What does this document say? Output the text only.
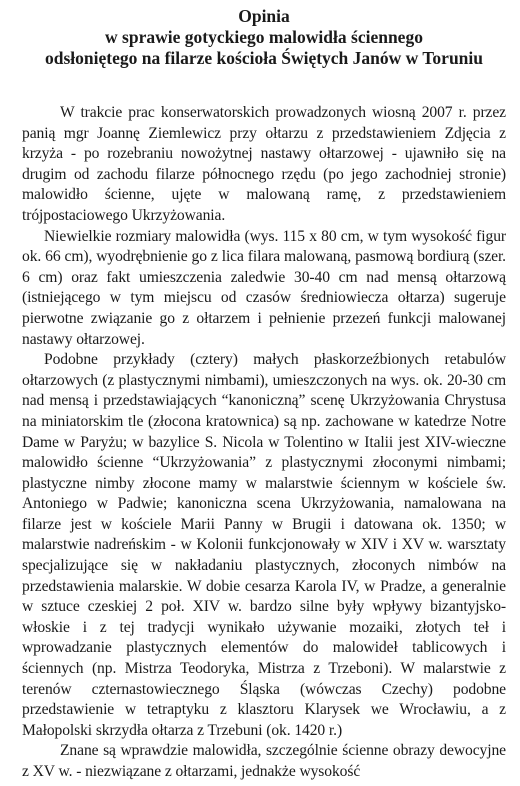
Opinia
w sprawie gotyckiego malowidła ściennego
odsłoniętego na filarze kościoła Świętych Janów w Toruniu

W trakcie prac konserwatorskich prowadzonych wiosną 2007 r. przez panią mgr Joannę Ziemlewicz przy ołtarzu z przedstawieniem Zdjęcia z krzyża - po rozebraniu nowożytnej nastawy ołtarzowej - ujawniło się na drugim od zachodu filarze północnego rzędu (po jego zachodniej stronie) malowidło ścienne, ujęte w malowaną ramę, z przedstawieniem trójpostaciowego Ukrzyżowania.

Niewielkie rozmiary malowidła (wys. 115 x 80 cm, w tym wysokość figur ok. 66 cm), wyodrębnienie go z lica filara malowaną, pasmową bordiurą (szer. 6 cm) oraz fakt umieszczenia zaledwie 30-40 cm nad mensą ołtarzową (istniejącego w tym miejscu od czasów średniowiecza ołtarza) sugeruje pierwotne związanie go z ołtarzem i pełnienie przezeń funkcji malowanej nastawy ołtarzowej.

Podobne przykłady (cztery) małych płaskorzeźbionych retabulów ołtarzowych (z plastycznymi nimbami), umieszczonych na wys. ok. 20-30 cm nad mensą i przedstawiających “kanoniczną” scenę Ukrzyżowania Chrystusa na miniatorskim tle (złocona kratownica) są np. zachowane w katedrze Notre Dame w Paryżu; w bazylice S. Nicola w Tolentino w Italii jest XIV-wieczne malowidło ścienne “Ukrzyżowania” z plastycznymi złoconymi nimbami; plastyczne nimby złocone mamy w malarstwie ściennym w kościele św. Antoniego w Padwie; kanoniczna scena Ukrzyżowania, namalowana na filarze jest w kościele Marii Panny w Brugii i datowana ok. 1350; w malarstwie nadreńskim - w Kolonii funkcjonowały w XIV i XV w. warsztaty specjalizujące się w nakładaniu plastycznych, złoconych nimbów na przedstawienia malarskie. W dobie cesarza Karola IV, w Pradze, a generalnie w sztuce czeskiej 2 poł. XIV w. bardzo silne były wpływy bizantyjsko-włoskie i z tej tradycji wynikało używanie mozaiki, złotych teł i wprowadzanie plastycznych elementów do malowideł tablicowych i ściennych (np. Mistrza Teodoryka, Mistrza z Trzeboni). W malarstwie z terenów czternastowiecznego Śląska (wówczas Czechy) podobne przedstawienie w tetraptyku z klasztoru Klarysek we Wrocławiu, a z Małopolski skrzydła ołtarza z Trzebuni (ok. 1420 r.)

Znane są wprawdzie malowidła, szczególnie ścienne obrazy dewocyjne z XV w. - niezwiązane z ołtarzami, jednakże wysokość
